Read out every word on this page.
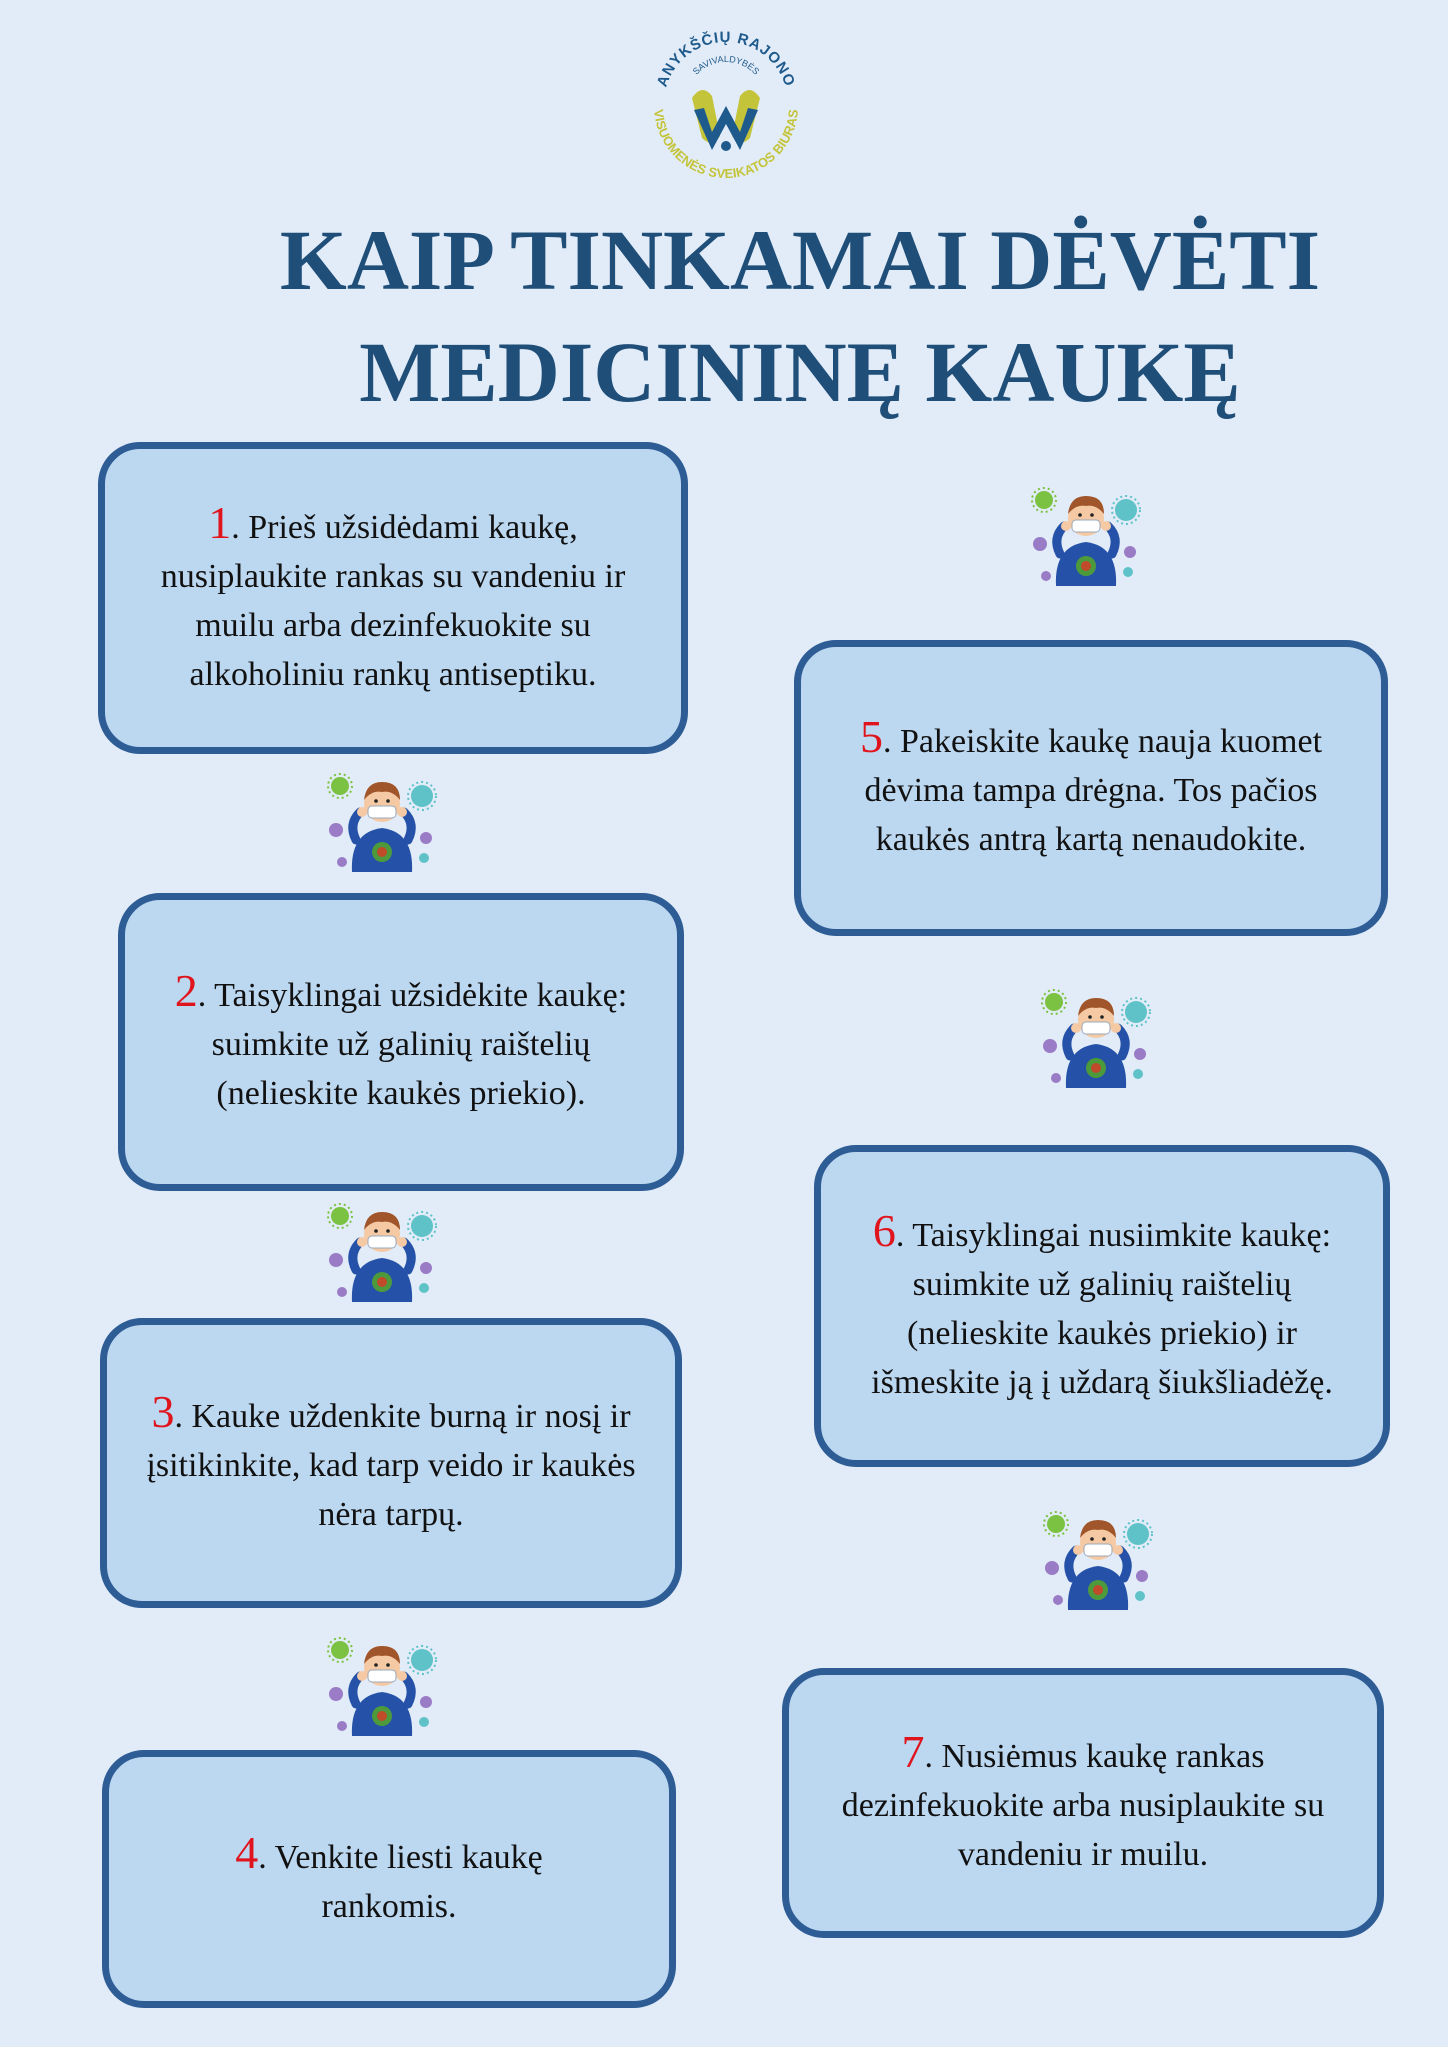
ANYKŠČIŲ RAJONO
SAVIVALDYBĖS
VISUOMENĖS SVEIKATOS BIURAS
KAIP TINKAMAI DĖVĖTI
MEDICININĘ KAUKĘ

1. Prieš užsidėdami kaukę, nusiplaukite rankas su vandeniu ir muilu arba dezinfekuokite su alkoholiniu rankų antiseptiku.

2. Taisyklingai užsidėkite kaukę: suimkite už galinių raištelių (nelieskite kaukės priekio).

3. Kauke uždenkite burną ir nosį ir įsitikinkite, kad tarp veido ir kaukės nėra tarpų.

4. Venkite liesti kaukę rankomis.

5. Pakeiskite kaukę nauja kuomet dėvima tampa drėgna. Tos pačios kaukės antrą kartą nenaudokite.

6. Taisyklingai nusiimkite kaukę: suimkite už galinių raištelių (nelieskite kaukės priekio) ir išmeskite ją į uždarą šiukšliadėžę.

7. Nusiėmus kaukę rankas dezinfekuokite arba nusiplaukite su vandeniu ir muilu.
